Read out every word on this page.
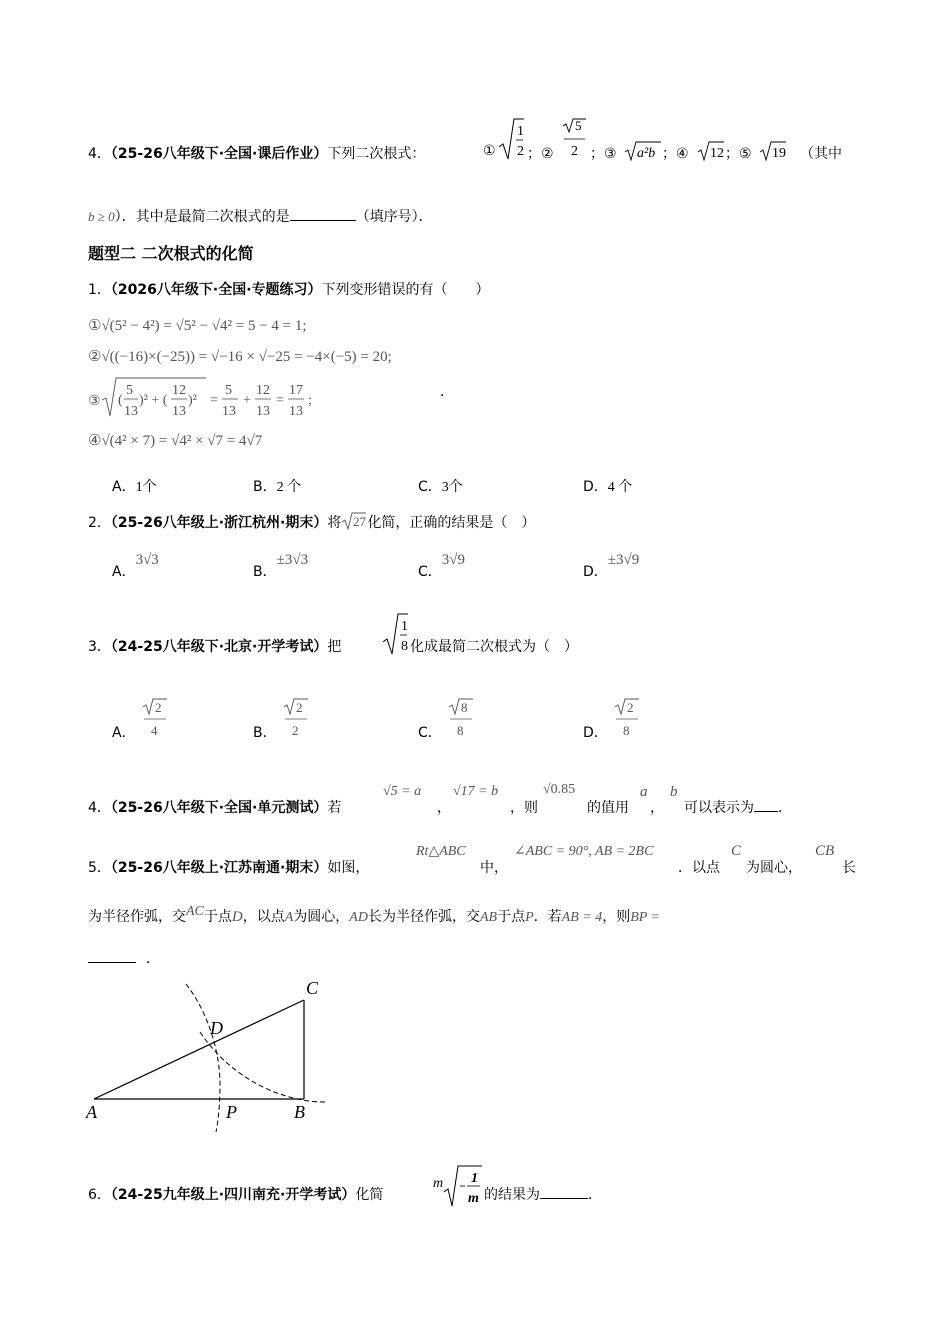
4．（25-26八年级下·全国·课后作业）下列二次根式：	①
1
2 ；②
5
2 ；③ a²b ；④ 12 ；⑤ 19 （其中
b ≥ 0）．其中是最简二次根式的是	（填序号）．
题型二 二次根式的化简
1．（2026八年级下·全国·专题练习）下列变形错误的有（　　）
①√(5² − 4²) = √5² − √4² = 5 − 4 = 1;
②√((−16)×(−25)) = √−16 × √−25 = −4×(−5) = 20;
③ (
5
13
)² + (
12
13
)² =
5
13
+
12
13
=
17
13
;
．
④√(4² × 7) = √4² × √7 = 4√7
A．1个	B．2 个	C．3个	D．4 个
2．（25-26八年级上·浙江杭州·期末）将 27 化简，正确的结果是（　）
A．3√3
B．±3√3
C．3√9
D．±3√9
3．（24-25八年级下·北京·开学考试）把
1
8 化成最简二次根式为（　）
A．
2
4	B．
2
2	C．
8
8	D．
2
8
4．（25-26八年级下·全国·单元测试）若
√5 = a
，
√17 = b
，则
√0.85
的值用
a
，
b
可以表示为 ．
5．（25-26八年级上·江苏南通·期末）如图，
Rt△ABC
中，
∠ABC = 90°, AB = 2BC
．以点
C
为圆心，
CB
长
为半径作弧，交AC于点D，以点A为圆心，AD长为半径作弧，交AB于点P．若AB = 4，则BP =
．
C
D
A	P	B
6．（24-25九年级上·四川南充·开学考试）化简
m 1
m 的结果为	．
